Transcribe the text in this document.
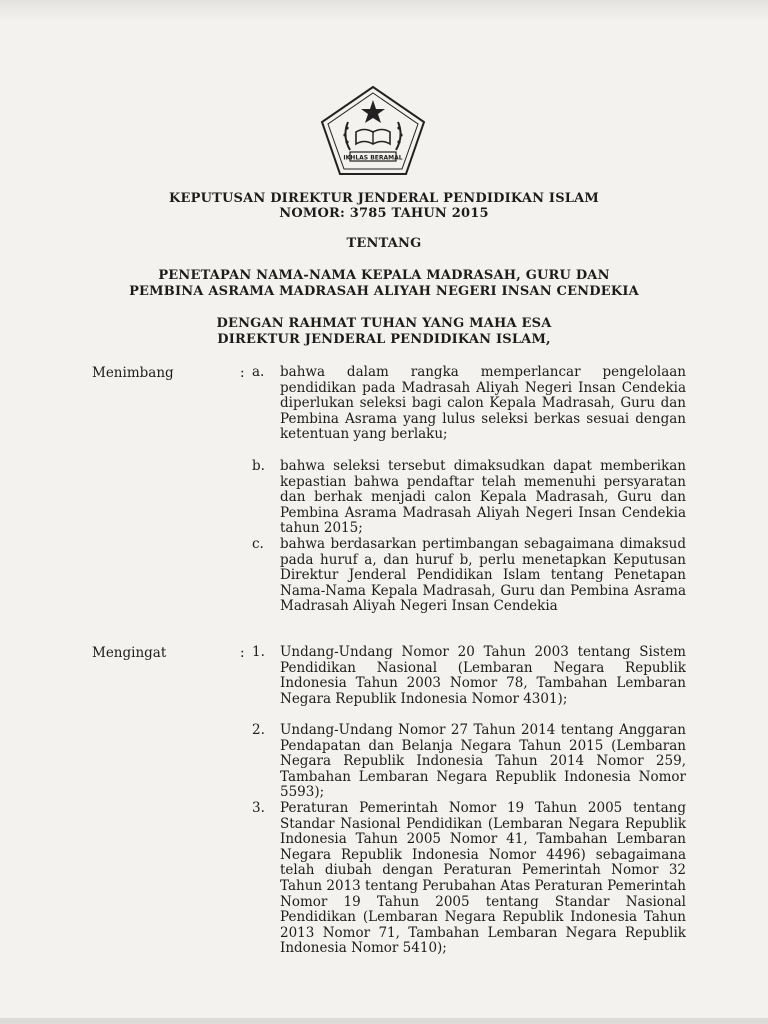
IKHLAS BERAMAL
KEPUTUSAN DIREKTUR JENDERAL PENDIDIKAN ISLAM
NOMOR: 3785 TAHUN 2015
TENTANG
PENETAPAN NAMA-NAMA KEPALA MADRASAH, GURU DAN
PEMBINA ASRAMA MADRASAH ALIYAH NEGERI INSAN CENDEKIA
DENGAN RAHMAT TUHAN YANG MAHA ESA
DIREKTUR JENDERAL PENDIDIKAN ISLAM,
Menimbang	: a.	bahwa dalam rangka memperlancar pengelolaan pendidikan pada Madrasah Aliyah Negeri Insan Cendekia diperlukan seleksi bagi calon Kepala Madrasah, Guru dan Pembina Asrama yang lulus seleksi berkas sesuai dengan ketentuan yang berlaku;
b.	bahwa seleksi tersebut dimaksudkan dapat memberikan kepastian bahwa pendaftar telah memenuhi persyaratan dan berhak menjadi calon Kepala Madrasah, Guru dan Pembina Asrama Madrasah Aliyah Negeri Insan Cendekia tahun 2015;
c.	bahwa berdasarkan pertimbangan sebagaimana dimaksud pada huruf a, dan huruf b, perlu menetapkan Keputusan Direktur Jenderal Pendidikan Islam tentang Penetapan Nama-Nama Kepala Madrasah, Guru dan Pembina Asrama Madrasah Aliyah Negeri Insan Cendekia
Mengingat	: 1.	Undang-Undang Nomor 20 Tahun 2003 tentang Sistem Pendidikan Nasional (Lembaran Negara Republik Indonesia Tahun 2003 Nomor 78, Tambahan Lembaran Negara Republik Indonesia Nomor 4301);
2.	Undang-Undang Nomor 27 Tahun 2014 tentang Anggaran Pendapatan dan Belanja Negara Tahun 2015 (Lembaran Negara Republik Indonesia Tahun 2014 Nomor 259, Tambahan Lembaran Negara Republik Indonesia Nomor 5593);
3.	Peraturan Pemerintah Nomor 19 Tahun 2005 tentang Standar Nasional Pendidikan (Lembaran Negara Republik Indonesia Tahun 2005 Nomor 41, Tambahan Lembaran Negara Republik Indonesia Nomor 4496) sebagaimana telah diubah dengan Peraturan Pemerintah Nomor 32 Tahun 2013 tentang Perubahan Atas Peraturan Pemerintah Nomor 19 Tahun 2005 tentang Standar Nasional Pendidikan (Lembaran Negara Republik Indonesia Tahun 2013 Nomor 71, Tambahan Lembaran Negara Republik Indonesia Nomor 5410);
